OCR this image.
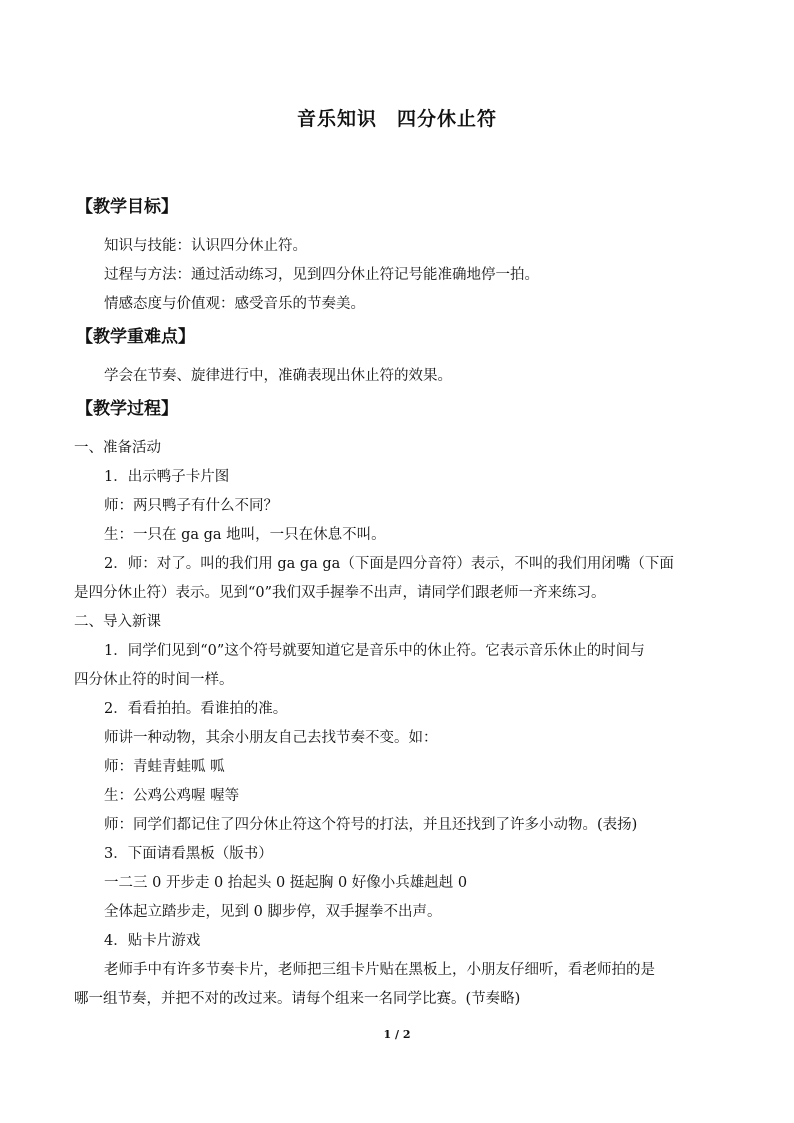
音乐知识　四分休止符
【教学目标】
知识与技能：认识四分休止符。
过程与方法：通过活动练习，见到四分休止符记号能准确地停一拍。
情感态度与价值观：感受音乐的节奏美。
【教学重难点】
学会在节奏、旋律进行中，准确表现出休止符的效果。
【教学过程】
一、准备活动
1．出示鸭子卡片图
师：两只鸭子有什么不同？
生：一只在 ga ga 地叫，一只在休息不叫。
2．师：对了。叫的我们用 ga ga ga（下面是四分音符）表示，不叫的我们用闭嘴（下面
是四分休止符）表示。见到“0”我们双手握拳不出声，请同学们跟老师一齐来练习。
二、导入新课
1．同学们见到“0”这个符号就要知道它是音乐中的休止符。它表示音乐休止的时间与
四分休止符的时间一样。
2．看看拍拍。看谁拍的准。
师讲一种动物，其余小朋友自己去找节奏不变。如：
师：青蛙青蛙呱 呱
生：公鸡公鸡喔 喔等
师：同学们都记住了四分休止符这个符号的打法，并且还找到了许多小动物。(表扬)
3．下面请看黑板（版书）
一二三 0 开步走 0 抬起头 0 挺起胸 0 好像小兵雄赳赳 0
全体起立踏步走，见到 0 脚步停，双手握拳不出声。
4．贴卡片游戏
老师手中有许多节奏卡片，老师把三组卡片贴在黑板上，小朋友仔细听，看老师拍的是
哪一组节奏，并把不对的改过来。请每个组来一名同学比赛。(节奏略)
1 / 2
